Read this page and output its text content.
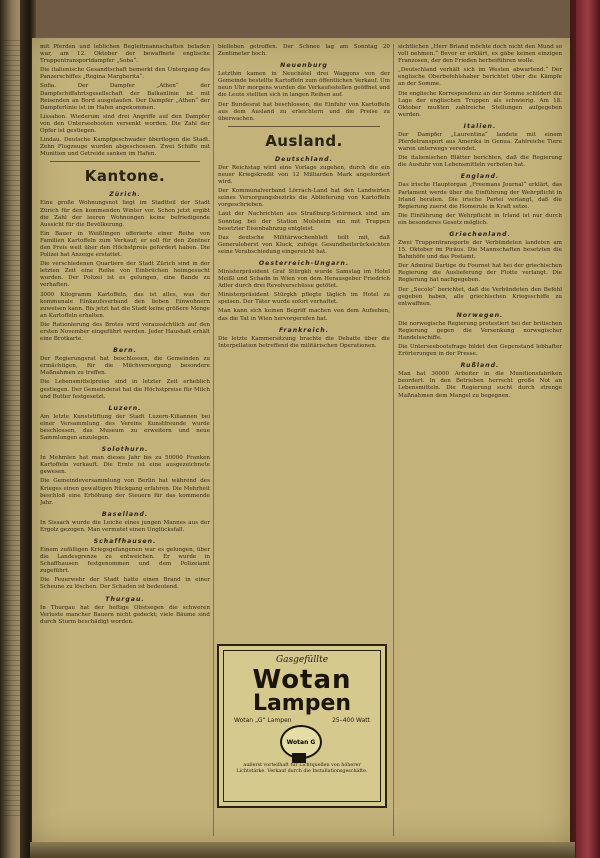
mit Pferden und leblichen Begleitmannschaften beladen war, am 12. Oktober der bewaffnete englische Truppentransportdampfer „Soba“.

Die italienische Gesandtschaft bemerkt den Untergang des Panzerschiffes „Regina Margherita“.

Sofia. Der Dampfer „Athen“ der Dampfschiffahrtsgesellschaft der Balkanlinie ist mit Reisenden an Bord ausgelaufen. Der Dampfer „Athen“ der Dampferlinie ist im Hafen angekommen.

Lissabon. Wiederum sind drei Angriffe auf den Dampfer von den Unterseebooten versenkt worden. Die Zahl der Opfer ist gestiegen.

Lindau. Deutsche Kampfgeschwader überflogen die Stadt. Zehn Flugzeuge wurden abgeschossen. Zwei Schiffe mit Munition und Getreide sanken im Hafen.

Kantone.
Zürich.

Eine große Wohnungsnot liegt im Stadtteil der Stadt Zürich für den kommenden Winter vor. Schon jetzt ergibt die Zahl der leeren Wohnungen keine befriedigende Aussicht für die Bevölkerung.

Ein Bauer in Weißlingen offerierte einer Reihe von Familien Kartoffeln zum Verkauf; er soll für den Zentner den Preis weit über den Höchstpreis gefordert haben. Die Polizei hat Anzeige erstattet.

Die verschiedenen Quartiere der Stadt Zürich sind in der letzten Zeit eine Reihe von Einbrüchen heimgesucht worden. Der Polizei ist es gelungen, eine Bande zu verhaften.

3000 Kilogramm Kartoffeln, das ist alles, was der kommunale Einkaufsverband den lieben Einwohnern zuweisen kann. Bis jetzt hat die Stadt keine größere Menge an Kartoffeln erhalten.

Die Rationierung des Brotes wird voraussichtlich auf den ersten November eingeführt werden. Jeder Haushalt erhält eine Brotkarte.

Bern.

Der Regierungsrat hat beschlossen, die Gemeinden zu ermächtigen, für die Milchversorgung besondere Maßnahmen zu treffen.

Die Lebensmittelpreise sind in letzter Zeit erheblich gestiegen. Der Gemeinderat hat die Höchstpreise für Milch und Butter festgesetzt.

Luzern.

Am letzte Kunststiftung der Stadt Luzern-Kiliannen bei einer Versammlung des Vereins Kunstfreunde wurde beschlossen, das Museum zu erweitern und neue Sammlungen anzulegen.

Solothurn.

In Mehmlen hat man dieses Jahr bis zu 50000 Franken Kartoffeln verkauft. Die Ernte ist eine ausgezeichnete gewesen.

Die Gemeindeversammlung von Berlin hat während des Krieges einen gewaltigen Rückgang erfahren. Die Mehrheit beschloß eine Erhöhung der Steuern für das kommende Jahr.

Baselland.

In Sissach wurde die Leiche eines jungen Mannes aus der Ergolz gezogen. Man vermutet einen Unglücksfall.

Schaffhausen.

Einem zufälligen Kriegsgefangenen war es gelungen, über die Landesgrenze zu entweichen. Er wurde in Schaffhausen festgenommen und dem Polizeiamt zugeführt.

Die Feuerwehr der Stadt hatte einen Brand in einer Scheune zu löschen. Der Schaden ist bedeutend.

Thurgau.

In Thurgau hat der heftige Obstsegen die schweren Verluste mancher Bauern nicht gedeckt; viele Bäume sind durch Sturm beschädigt worden.

bielleben getroffen. Der Schnee lag am Sonntag 20 Zentimeter hoch.

Neuenburg

Letzthin kamen in Neuchâtel drei Waggons von der Gemeinde bestellte Kartoffeln zum öffentlichen Verkauf. Um neun Uhr morgens wurden die Verkaufsstellen geöffnet und die Leute stellten sich in langen Reihen auf.

Der Bundesrat hat beschlossen, die Einfuhr von Kartoffeln aus dem Ausland zu erleichtern und die Preise zu überwachen.

Ausland.
Deutschland.

Der Reichstag wird eine Vorlage zugehen, durch die ein neuer Kriegskredit von 12 Milliarden Mark angefordert wird.

Der Kommunalverband Lörrach-Land hat den Landwirten seines Versorgungsbezirks die Ablieferung von Kartoffeln vorgeschrieben.

Laut der Nachrichten aus Straßburg-Schirmeck sind am Sonntag bei der Station Molsheim ein mit Truppen besetzter Eisenbahnzug entgleist.

Das deutsche Militärwochenblatt teilt mit, daß Generaloberst von Kluck, zufolge Gesundheitsrücksichten seine Verabschiedung eingereicht hat.

Oesterreich-Ungarn.

Ministerpräsident Graf Stürgkh wurde Samstag im Hotel Meißl und Schadn in Wien von dem Herausgeber Friedrich Adler durch drei Revolverschüsse getötet.

Ministerpräsident Stürgkh pflegte täglich im Hotel zu speisen. Der Täter wurde sofort verhaftet.

Man kann sich keinen Begriff machen von dem Aufsehen, das die Tat in Wien hervorgerufen hat.

Frankreich.

Die letzte Kammersitzung brachte die Debatte über die Interpellation betreffend die militärischen Operationen.

sichtlichen „Herr Briand möchte doch nicht den Mund so voll nehmen.“ Bevor er erklärt, es gäbe keinen einzigen Franzosen, der den Frieden herbeiführen wolle.

„Deutschland verhält sich im Westen abwartend.“ Der englische Oberbefehlshaber berichtet über die Kämpfe an der Somme.

Die englische Korrespondenz an der Somme schildert die Lage der englischen Truppen als schwierig. Am 18. Oktober mußten zahlreiche Stellungen aufgegeben werden.

Italien.

Der Dampfer „Laurentina“ landete mit einem Pferdetransport aus Amerika in Genua. Zahlreiche Tiere waren unterwegs verendet.

Die italienischen Blätter berichten, daß die Regierung die Ausfuhr von Lebensmitteln verboten hat.

England.

Das irische Hauptorgan „Freemans Journal“ erklärt, das Parlament werde über die Einführung der Wehrpflicht in Irland beraten. Die irische Partei verlangt, daß die Regierung zuerst die Homerule in Kraft setze.

Die Einführung der Wehrpflicht in Irland ist nur durch ein besonderes Gesetz möglich.

Griechenland.

Zwei Truppentransporte der Verbündeten landeten am 15. Oktober im Piräus. Die Mannschaften besetzten die Bahnhöfe und das Postamt.

Der Admiral Dartige du Fournet hat bei der griechischen Regierung die Auslieferung der Flotte verlangt. Die Regierung hat nachgegeben.

Der „Secolo“ berichtet, daß die Verbündeten den Befehl gegeben haben, alle griechischen Kriegsschiffe zu entwaffnen.

Norwegen.

Die norwegische Regierung protestiert bei der britischen Regierung gegen die Versenkung norwegischer Handelsschiffe.

Die Unterseebootsfrage bildet den Gegenstand lebhafter Erörterungen in der Presse.

Rußland.

Man hat 30000 Arbeiter in die Munitionsfabriken beordert. In den Betrieben herrscht große Not an Lebensmitteln. Die Regierung sucht durch strenge Maßnahmen dem Mangel zu begegnen.

Gasgefüllte
Wotan
Lampen
Wotan „G“ Lampen	25–400 Watt
Wotan G
außerst vorteilhaft für Lichtquellen von höherer Lichtstärke. Verkauf durch die Installationsgeschäfte.
